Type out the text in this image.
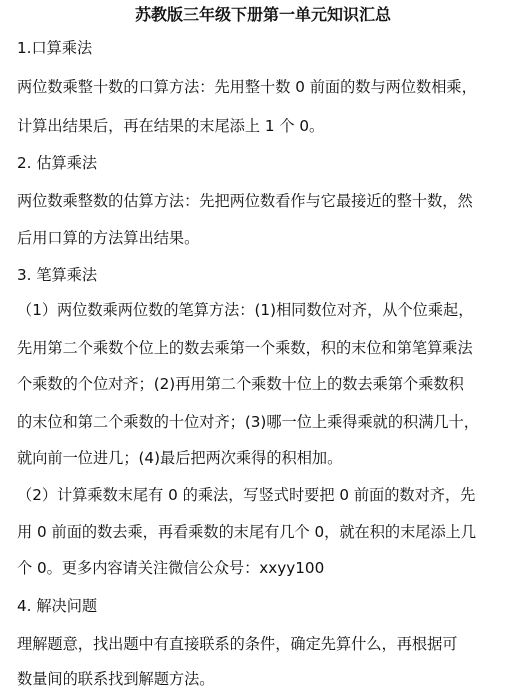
苏教版三年级下册第一单元知识汇总
1.口算乘法
两位数乘整十数的口算方法：先用整十数 0 前面的数与两位数相乘，
计算出结果后，再在结果的末尾添上 1 个 0。
2. 估算乘法
两位数乘整数的估算方法：先把两位数看作与它最接近的整十数，然
后用口算的方法算出结果。
3. 笔算乘法
（1）两位数乘两位数的笔算方法：(1)相同数位对齐，从个位乘起，
先用第二个乘数个位上的数去乘第一个乘数，积的末位和第笔算乘法
个乘数的个位对齐；(2)再用第二个乘数十位上的数去乘第个乘数积
的末位和第二个乘数的十位对齐；(3)哪一位上乘得乘就的积满几十，
就向前一位进几；(4)最后把两次乘得的积相加。
（2）计算乘数末尾有 0 的乘法，写竖式时要把 0 前面的数对齐，先
用 0 前面的数去乘，再看乘数的末尾有几个 0，就在积的末尾添上几
个 0。更多内容请关注微信公众号：xxyy100
4. 解决问题
理解题意，找出题中有直接联系的条件，确定先算什么，再根据可
数量间的联系找到解题方法。
